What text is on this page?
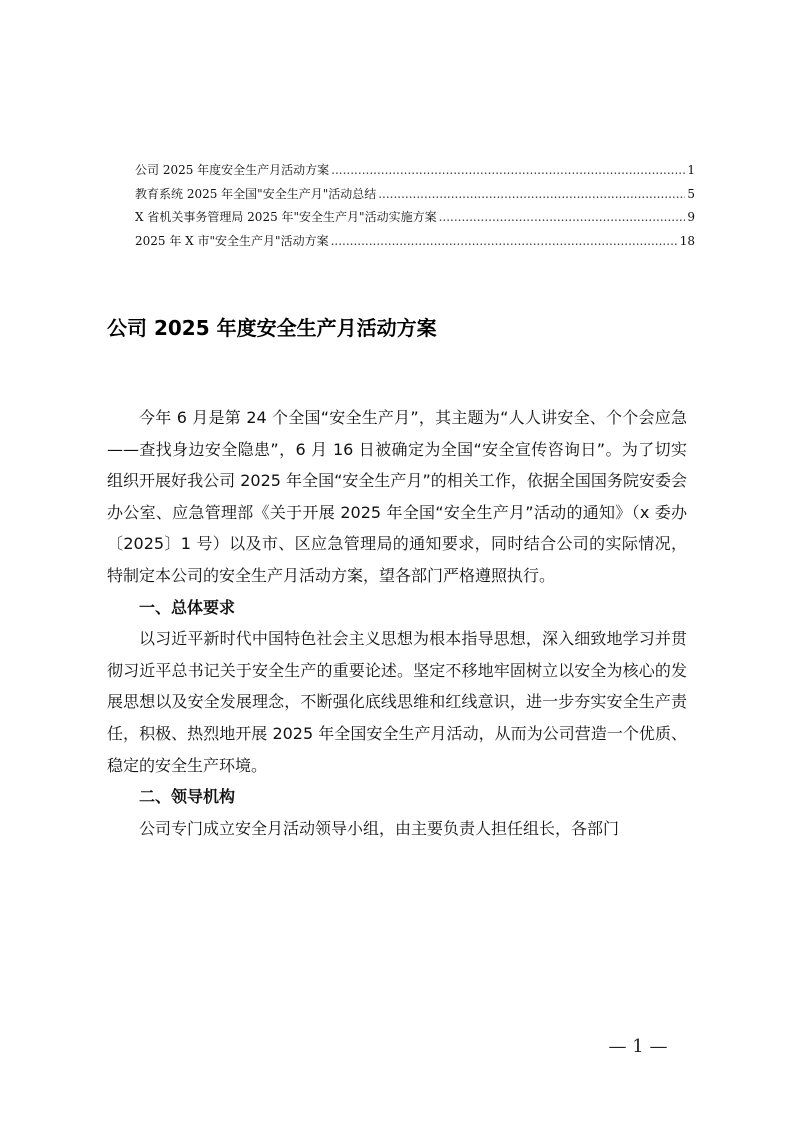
公司 2025 年度安全生产月活动方案 .....	1
教育系统 2025 年全国"安全生产月"活动总结 .....	5
X 省机关事务管理局 2025 年"安全生产月"活动实施方案 .....	9
2025 年 X 市"安全生产月"活动方案 .....	18
公司 2025 年度安全生产月活动方案

今年 6 月是第 24 个全国“安全生产月”，其主题为“人人讲安全、个个会应急——查找身边安全隐患”，6 月 16 日被确定为全国“安全宣传咨询日”。为了切实组织开展好我公司 2025 年全国“安全生产月”的相关工作，依据全国国务院安委会办公室、应急管理部《关于开展 2025 年全国“安全生产月”活动的通知》（x 委办〔2025〕1 号）以及市、区应急管理局的通知要求，同时结合公司的实际情况，特制定本公司的安全生产月活动方案，望各部门严格遵照执行。

一、总体要求

以习近平新时代中国特色社会主义思想为根本指导思想，深入细致地学习并贯彻习近平总书记关于安全生产的重要论述。坚定不移地牢固树立以安全为核心的发展思想以及安全发展理念，不断强化底线思维和红线意识，进一步夯实安全生产责任，积极、热烈地开展 2025 年全国安全生产月活动，从而为公司营造一个优质、稳定的安全生产环境。

二、领导机构

公司专门成立安全月活动领导小组，由主要负责人担任组长，各部门

— 1 —
